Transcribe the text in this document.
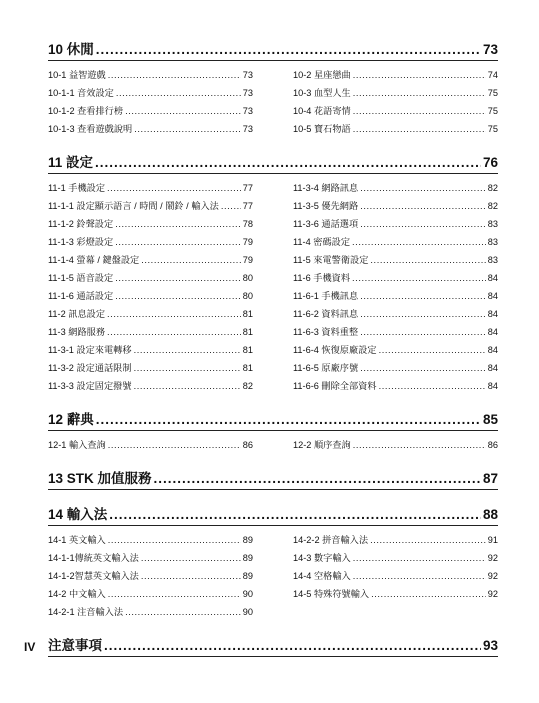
10 休閒 .....	73
10-1 益智遊戲 .....	73
10-1-1 音效設定 .....	73
10-1-2 查看排行榜 .....	73
10-1-3 查看遊戲說明 .....	73
10-2 星座戀曲 .....	74
10-3 血型人生 .....	75
10-4 花語寄情 .....	75
10-5 寶石物語 .....	75
11 設定 .....	76
11-1 手機設定 .....	77
11-1-1 設定顯示語言 / 時間 / 鬧鈴 / 輸入法 .....	77
11-1-2 鈴聲設定 .....	78
11-1-3 彩燈設定 .....	79
11-1-4 螢幕 / 鍵盤設定 .....	79
11-1-5 語音設定 .....	80
11-1-6 通話設定 .....	80
11-2 訊息設定 .....	81
11-3 網路服務 .....	81
11-3-1 設定來電轉移 .....	81
11-3-2 設定通話限制 .....	81
11-3-3 設定固定撥號 .....	82
11-3-4 網路訊息 .....	82
11-3-5 優先網路 .....	82
11-3-6 通話選項 .....	83
11-4 密碼設定 .....	83
11-5 來電警衛設定 .....	83
11-6 手機資料 .....	84
11-6-1 手機訊息 .....	84
11-6-2 資料訊息 .....	84
11-6-3 資料重整 .....	84
11-6-4 恢復原廠設定 .....	84
11-6-5 原廠序號 .....	84
11-6-6 刪除全部資料 .....	84
12 辭典 .....	85
12-1 輸入查詢 .....	86	12-2 順序查詢 .....	86
13 STK 加值服務 .....	87
14 輸入法 .....	88
14-1 英文輸入 .....	89
14-1-1傳統英文輸入法 .....	89
14-1-2智慧英文輸入法 .....	89
14-2 中文輸入 .....	90
14-2-1 注音輸入法 .....	90
14-2-2 拼音輸入法 .....	91
14-3 數字輸入 .....	92
14-4 空格輸入 .....	92
14-5 特殊符號輸入 .....	92
注意事項 .....	93
IV
